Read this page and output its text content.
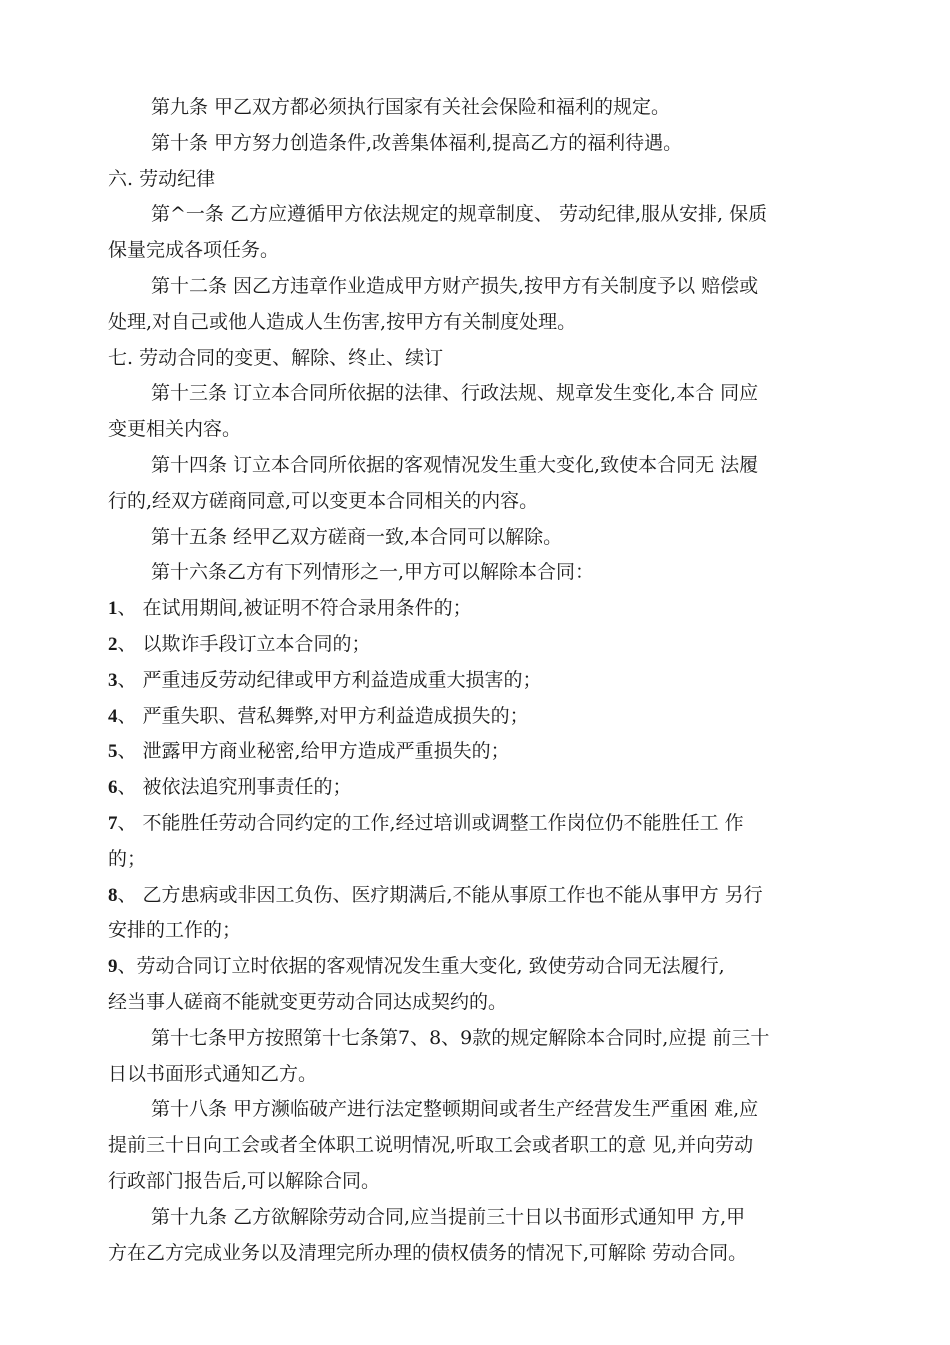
第九条 甲乙双方都必须执行国家有关社会保险和福利的规定。
第十条 甲方努力创造条件,改善集体福利,提高乙方的福利待遇。
六. 劳动纪律
第^一条 乙方应遵循甲方依法规定的规章制度、 劳动纪律,服从安排, 保质
保量完成各项任务。
第十二条 因乙方违章作业造成甲方财产损失,按甲方有关制度予以 赔偿或
处理,对自己或他人造成人生伤害,按甲方有关制度处理。
七. 劳动合同的变更、解除、终止、续订
第十三条 订立本合同所依据的法律、行政法规、规章发生变化,本合 同应
变更相关内容。
第十四条 订立本合同所依据的客观情况发生重大变化,致使本合同无 法履
行的,经双方磋商同意,可以变更本合同相关的内容。
第十五条 经甲乙双方磋商一致,本合同可以解除。
第十六条乙方有下列情形之一,甲方可以解除本合同：
1、 在试用期间,被证明不符合录用条件的；
2、 以欺诈手段订立本合同的；
3、 严重违反劳动纪律或甲方利益造成重大损害的；
4、 严重失职、营私舞弊,对甲方利益造成损失的；
5、 泄露甲方商业秘密,给甲方造成严重损失的；
6、 被依法追究刑事责任的；
7、 不能胜任劳动合同约定的工作,经过培训或调整工作岗位仍不能胜任工 作
的；
8、 乙方患病或非因工负伤、医疗期满后,不能从事原工作也不能从事甲方 另行
安排的工作的；
9、劳动合同订立时依据的客观情况发生重大变化, 致使劳动合同无法履行,
经当事人磋商不能就变更劳动合同达成契约的。
第十七条甲方按照第十七条第7、8、9款的规定解除本合同时,应提 前三十
日以书面形式通知乙方。
第十八条 甲方濒临破产进行法定整顿期间或者生产经营发生严重困 难,应
提前三十日向工会或者全体职工说明情况,听取工会或者职工的意 见,并向劳动
行政部门报告后,可以解除合同。
第十九条 乙方欲解除劳动合同,应当提前三十日以书面形式通知甲 方,甲
方在乙方完成业务以及清理完所办理的债权债务的情况下,可解除 劳动合同。
